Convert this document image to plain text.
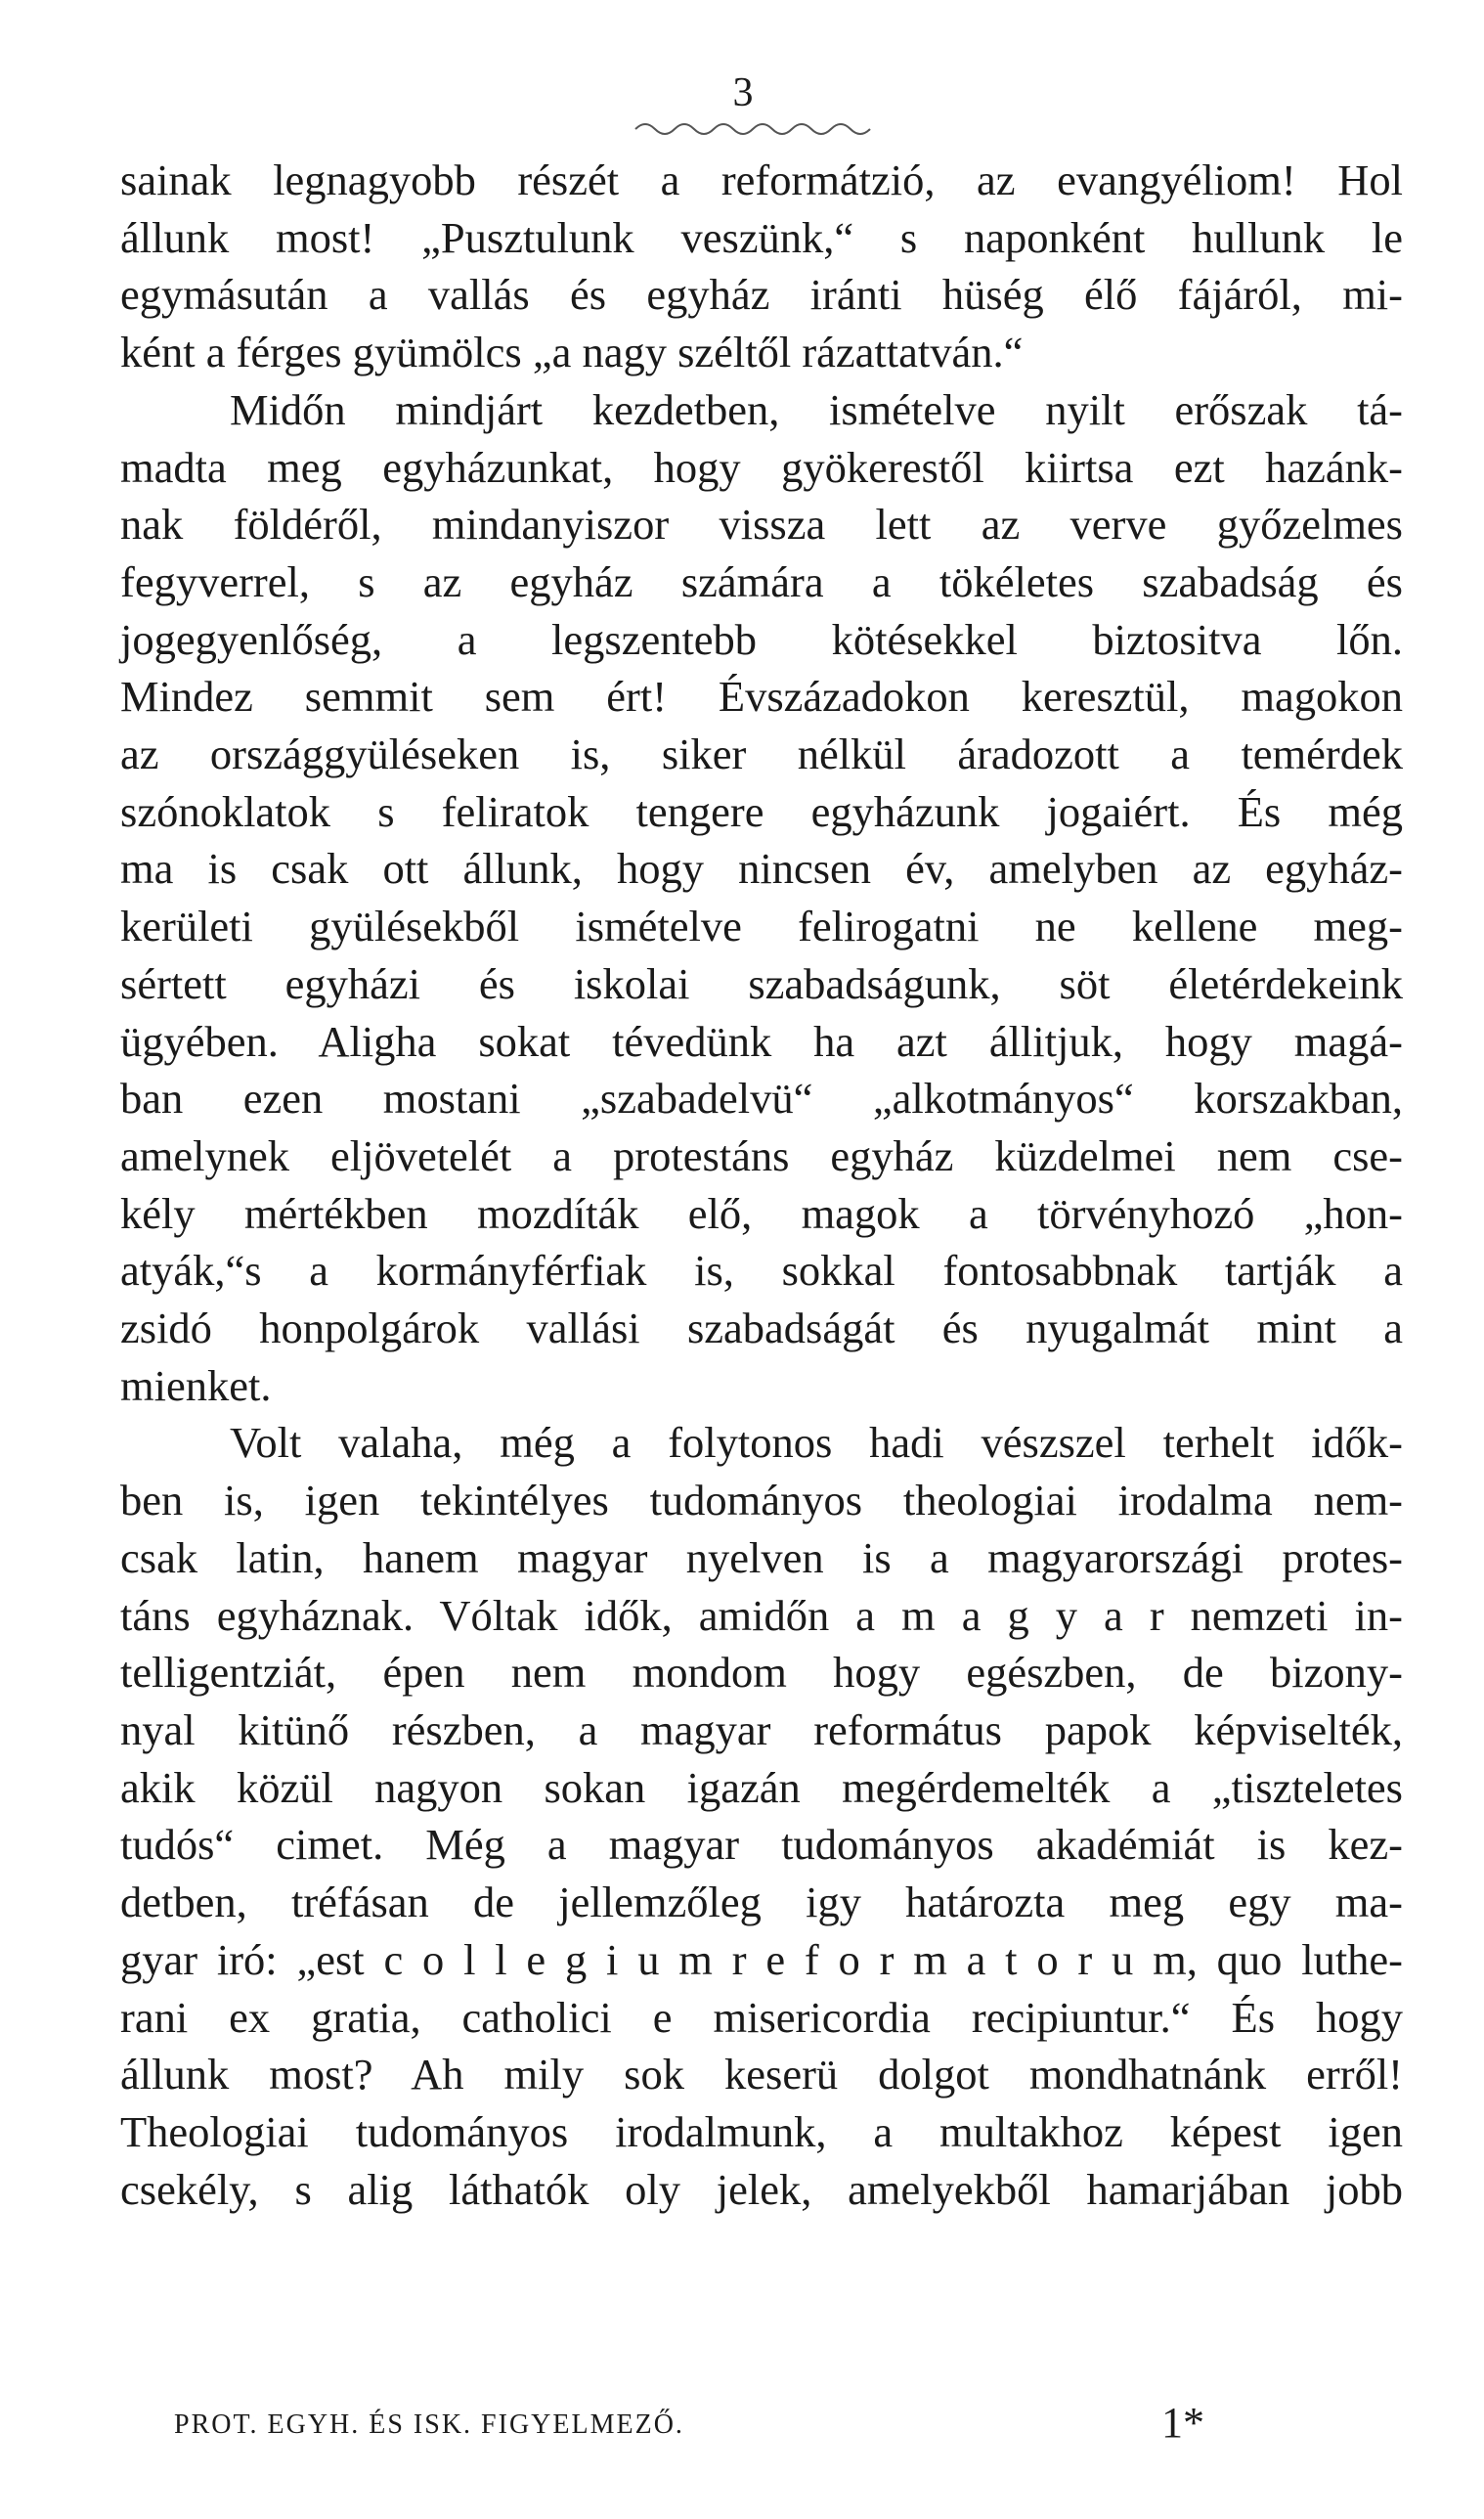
3
sainak legnagyobb részét a reformátzió, az evangyéliom! Hol
állunk most! „Pusztulunk veszünk,“ s naponként hullunk le
egymásután a vallás és egyház iránti hüség élő fájáról, mi-
ként a férges gyümölcs „a nagy széltől rázattatván.“
Midőn mindjárt kezdetben, ismételve nyilt erőszak tá-
madta meg egyházunkat, hogy gyökerestől kiirtsa ezt hazánk-
nak földéről, mindanyiszor vissza lett az verve győzelmes
fegyverrel, s az egyház számára a tökéletes szabadság és
jogegyenlőség, a legszentebb kötésekkel biztositva lőn.
Mindez semmit sem ért! Évszázadokon keresztül, magokon
az országgyüléseken is, siker nélkül áradozott a temérdek
szónoklatok s feliratok tengere egyházunk jogaiért. És még
ma is csak ott állunk, hogy nincsen év, amelyben az egyház-
kerületi gyülésekből ismételve felirogatni ne kellene meg-
sértett egyházi és iskolai szabadságunk, söt életérdekeink
ügyében. Aligha sokat tévedünk ha azt állitjuk, hogy magá-
ban ezen mostani „szabadelvü“ „alkotmányos“ korszakban,
amelynek eljövetelét a protestáns egyház küzdelmei nem cse-
kély mértékben mozdíták elő, magok a törvényhozó „hon-
atyák,“s a kormányférfiak is, sokkal fontosabbnak tartják a
zsidó honpolgárok vallási szabadságát és nyugalmát mint a
mienket.
Volt valaha, még a folytonos hadi vészszel terhelt idők-
ben is, igen tekintélyes tudományos theologiai irodalma nem-
csak latin, hanem magyar nyelven is a magyarországi protes-
táns egyháznak. Vóltak idők, amidőn a m a g y a r nemzeti in-
telligentziát, épen nem mondom hogy egészben, de bizony-
nyal kitünő részben, a magyar református papok képviselték,
akik közül nagyon sokan igazán megérdemelték a „tiszteletes
tudós“ cimet. Még a magyar tudományos akadémiát is kez-
detben, tréfásan de jellemzőleg igy határozta meg egy ma-
gyar iró: „est c o l l e g i u m r e f o r m a t o r u m, quo luthe-
rani ex gratia, catholici e misericordia recipiuntur.“ És hogy
állunk most? Ah mily sok keserü dolgot mondhatnánk erről!
Theologiai tudományos irodalmunk, a multakhoz képest igen
csekély, s alig láthatók oly jelek, amelyekből hamarjában jobb
PROT. EGYH. ÉS ISK. FIGYELMEZŐ.	1*
